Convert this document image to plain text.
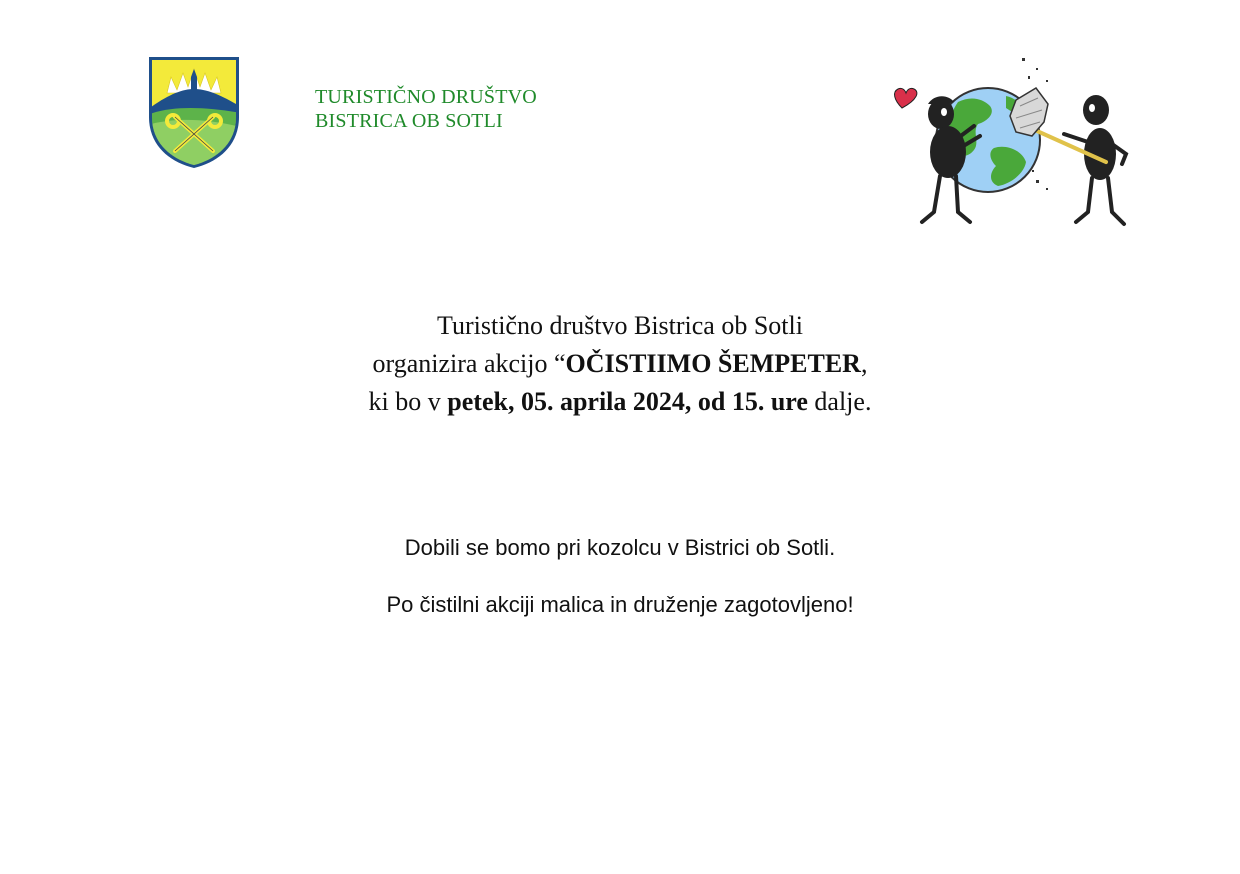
TURISTIČNO DRUŠTVO
BISTRICA OB SOTLI
Turistično društvo Bistrica ob Sotli
organizira akcijo “OČISTIIMO ŠEMPETER,
ki bo v petek, 05. aprila 2024, od 15. ure dalje.
Dobili se bomo pri kozolcu v Bistrici ob Sotli.
Po čistilni akciji malica in druženje zagotovljeno!
